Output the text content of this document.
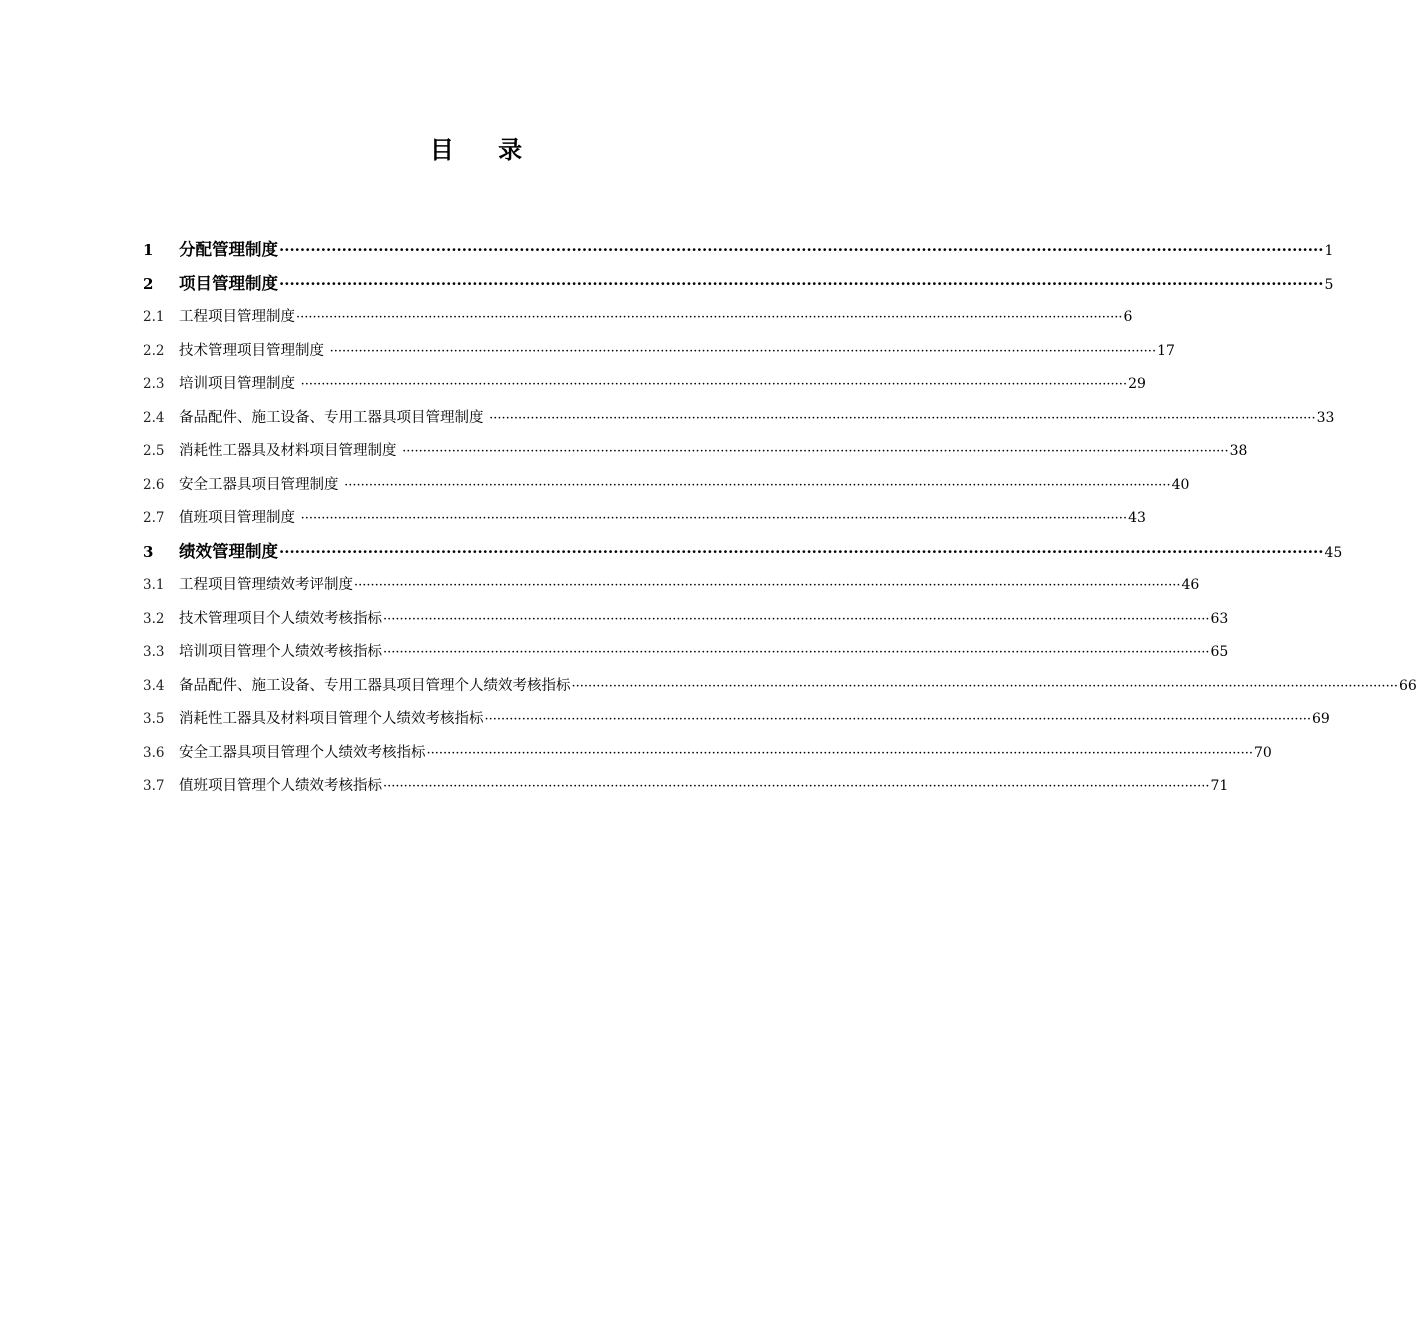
目 录
1	分配管理制度 ········································································································································································································ 1
2	项目管理制度 ········································································································································································································ 5
2.1	工程项目管理制度 ········································································································································································································ 6
2.2	技术管理项目管理制度 ········································································································································································································ 17
2.3	培训项目管理制度 ········································································································································································································ 29
2.4	备品配件、施工设备、专用工器具项目管理制度 ········································································································································································································ 33
2.5	消耗性工器具及材料项目管理制度 ········································································································································································································ 38
2.6	安全工器具项目管理制度 ········································································································································································································ 40
2.7	值班项目管理制度 ········································································································································································································ 43
3	绩效管理制度 ········································································································································································································ 45
3.1	工程项目管理绩效考评制度 ········································································································································································································ 46
3.2	技术管理项目个人绩效考核指标 ········································································································································································································ 63
3.3	培训项目管理个人绩效考核指标 ········································································································································································································ 65
3.4	备品配件、施工设备、专用工器具项目管理个人绩效考核指标 ········································································································································································································ 66
3.5	消耗性工器具及材料项目管理个人绩效考核指标 ········································································································································································································ 69
3.6	安全工器具项目管理个人绩效考核指标 ········································································································································································································ 70
3.7	值班项目管理个人绩效考核指标 ········································································································································································································ 71
